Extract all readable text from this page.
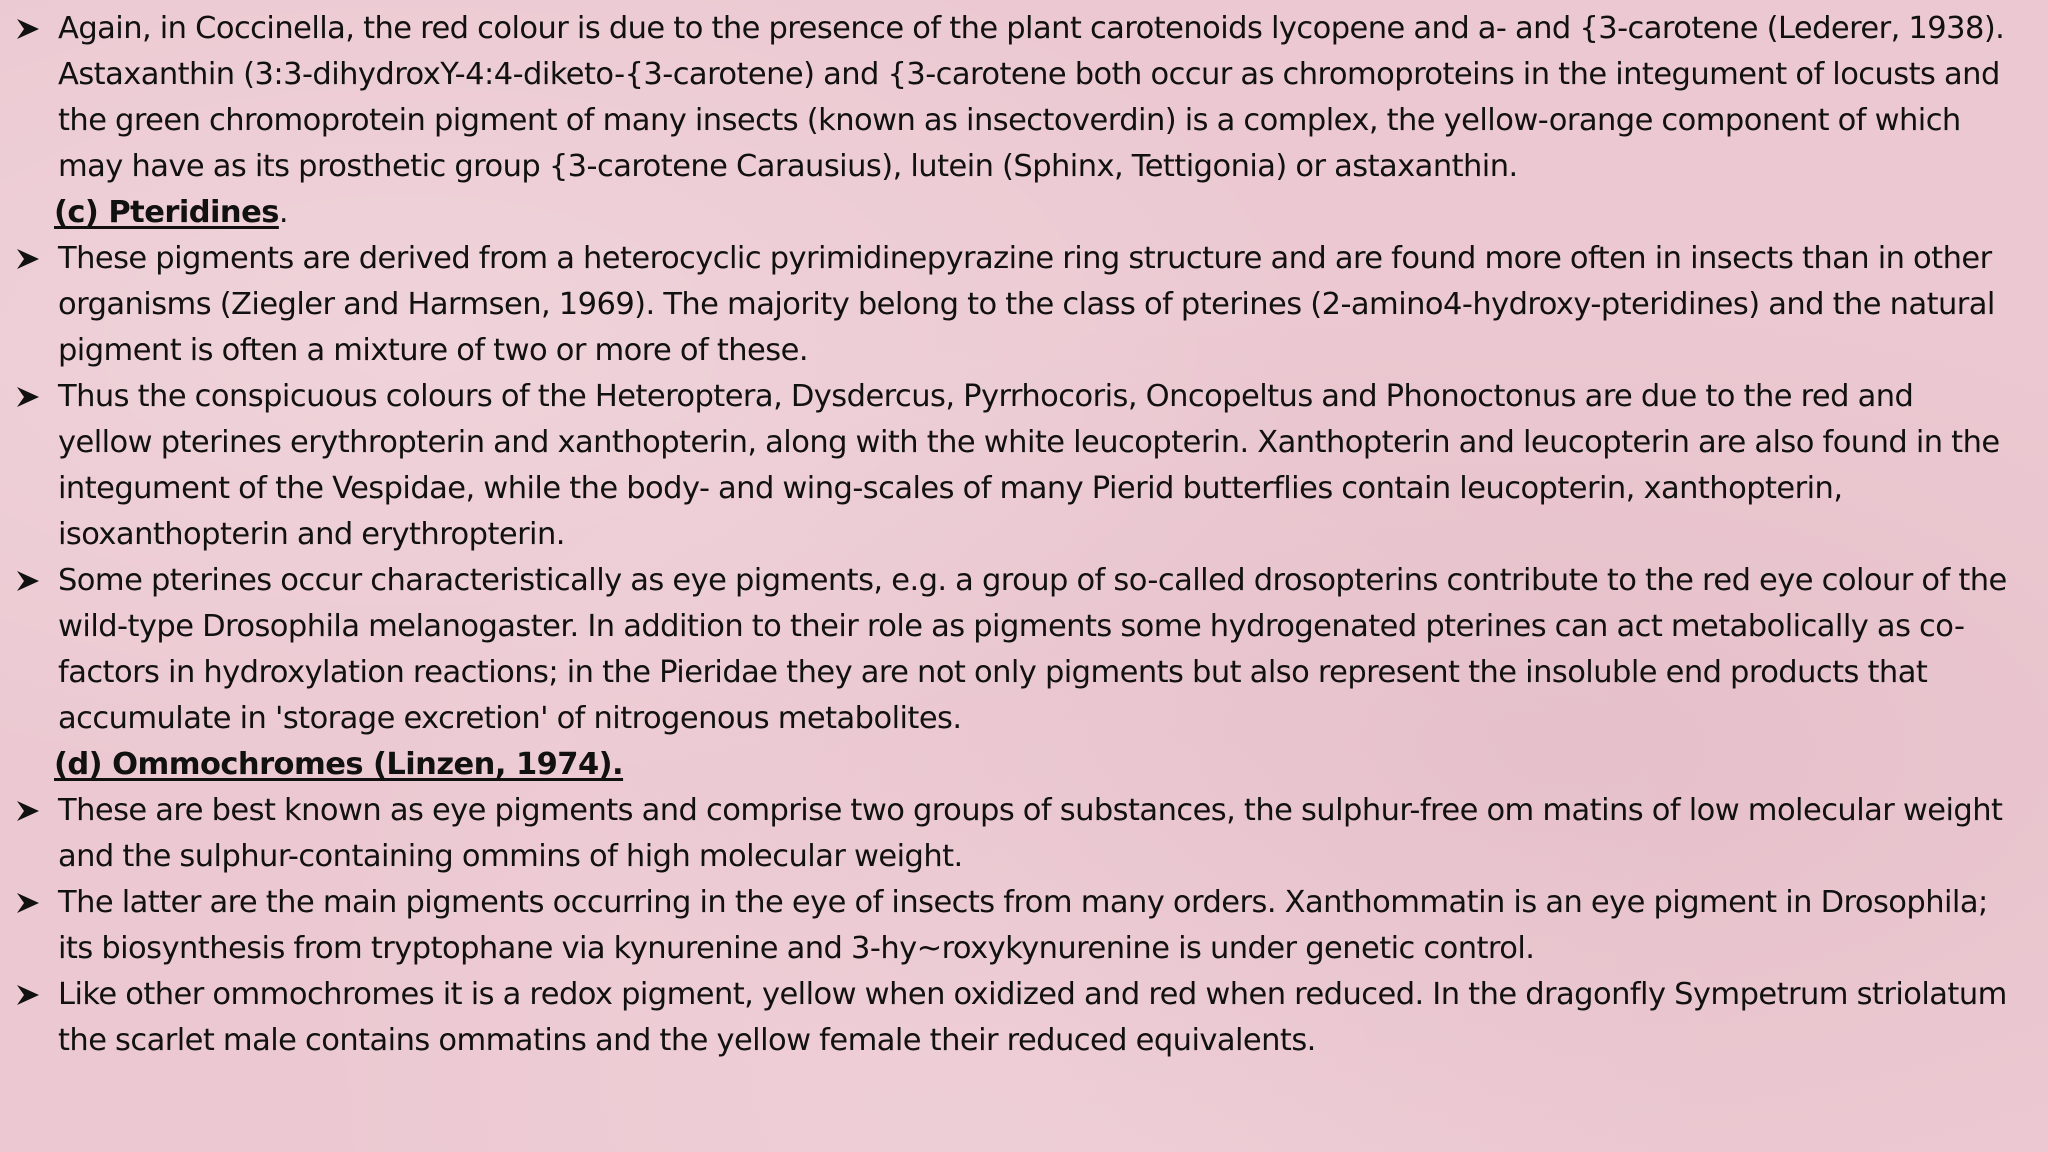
Again, in Coccinella, the red colour is due to the presence of the plant carotenoids lycopene and a- and {3-carotene (Lederer, 1938). Astaxanthin (3:3-dihydroxY-4:4-diketo-{3-carotene) and {3-carotene both occur as chromoproteins in the integument of locusts and the green chromoprotein pigment of many insects (known as insectoverdin) is a complex, the yellow-orange component of which may have as its prosthetic group {3-carotene Carausius), lutein (Sphinx, Tettigonia) or astaxanthin.
(c) Pteridines.
These pigments are derived from a heterocyclic pyrimidinepyrazine ring structure and are found more often in insects than in other organisms (Ziegler and Harmsen, 1969). The majority belong to the class of pterines (2-amino4-hydroxy-pteridines) and the natural pigment is often a mixture of two or more of these.
Thus the conspicuous colours of the Heteroptera, Dysdercus, Pyrrhocoris, Oncopeltus and Phonoctonus are due to the red and yellow pterines erythropterin and xanthopterin, along with the white leucopterin. Xanthopterin and leucopterin are also found in the integument of the Vespidae, while the body- and wing-scales of many Pierid butterflies contain leucopterin, xanthopterin, isoxanthopterin and erythropterin.
Some pterines occur characteristically as eye pigments, e.g. a group of so-called drosopterins contribute to the red eye colour of the wild-type Drosophila melanogaster. In addition to their role as pigments some hydrogenated pterines can act metabolically as co-factors in hydroxylation reactions; in the Pieridae they are not only pigments but also represent the insoluble end products that accumulate in 'storage excretion' of nitrogenous metabolites.
(d) Ommochromes (Linzen, 1974).
These are best known as eye pigments and comprise two groups of substances, the sulphur-free om matins of low molecular weight and the sulphur-containing ommins of high molecular weight.
The latter are the main pigments occurring in the eye of insects from many orders. Xanthommatin is an eye pigment in Drosophila; its biosynthesis from tryptophane via kynurenine and 3-hy~roxykynurenine is under genetic control.
Like other ommochromes it is a redox pigment, yellow when oxidized and red when reduced. In the dragonfly Sympetrum striolatum the scarlet male contains ommatins and the yellow female their reduced equivalents.
